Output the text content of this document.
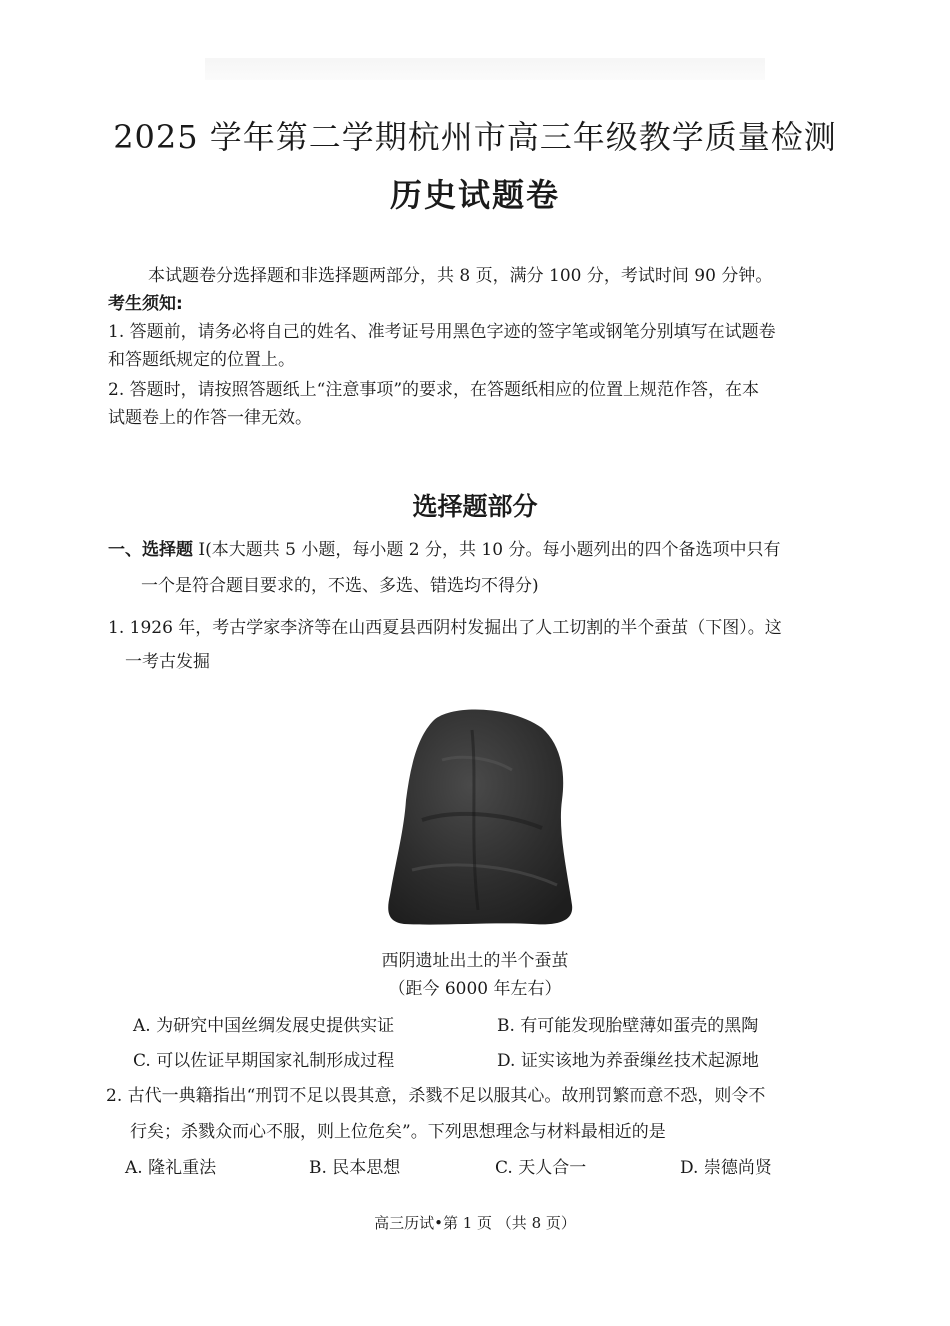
2025 学年第二学期杭州市高三年级教学质量检测
历史试题卷
本试题卷分选择题和非选择题两部分，共 8 页，满分 100 分，考试时间 90 分钟。
考生须知:
1. 答题前，请务必将自己的姓名、准考证号用黑色字迹的签字笔或钢笔分别填写在试题卷
和答题纸规定的位置上。
2. 答题时，请按照答题纸上“注意事项”的要求，在答题纸相应的位置上规范作答，在本
试题卷上的作答一律无效。
选择题部分
一、选择题 Ⅰ(本大题共 5 小题，每小题 2 分，共 10 分。每小题列出的四个备选项中只有
一个是符合题目要求的，不选、多选、错选均不得分)
1. 1926 年，考古学家李济等在山西夏县西阴村发掘出了人工切割的半个蚕茧（下图）。这
一考古发掘
西阴遗址出土的半个蚕茧
（距今 6000 年左右）
A. 为研究中国丝绸发展史提供实证	B. 有可能发现胎壁薄如蛋壳的黑陶
C. 可以佐证早期国家礼制形成过程	D. 证实该地为养蚕缫丝技术起源地
2. 古代一典籍指出“刑罚不足以畏其意，杀戮不足以服其心。故刑罚繁而意不恐，则令不
行矣；杀戮众而心不服，则上位危矣”。下列思想理念与材料最相近的是
A. 隆礼重法	B. 民本思想	C. 天人合一	D. 崇德尚贤
高三历试•第 1 页 （共 8 页）
